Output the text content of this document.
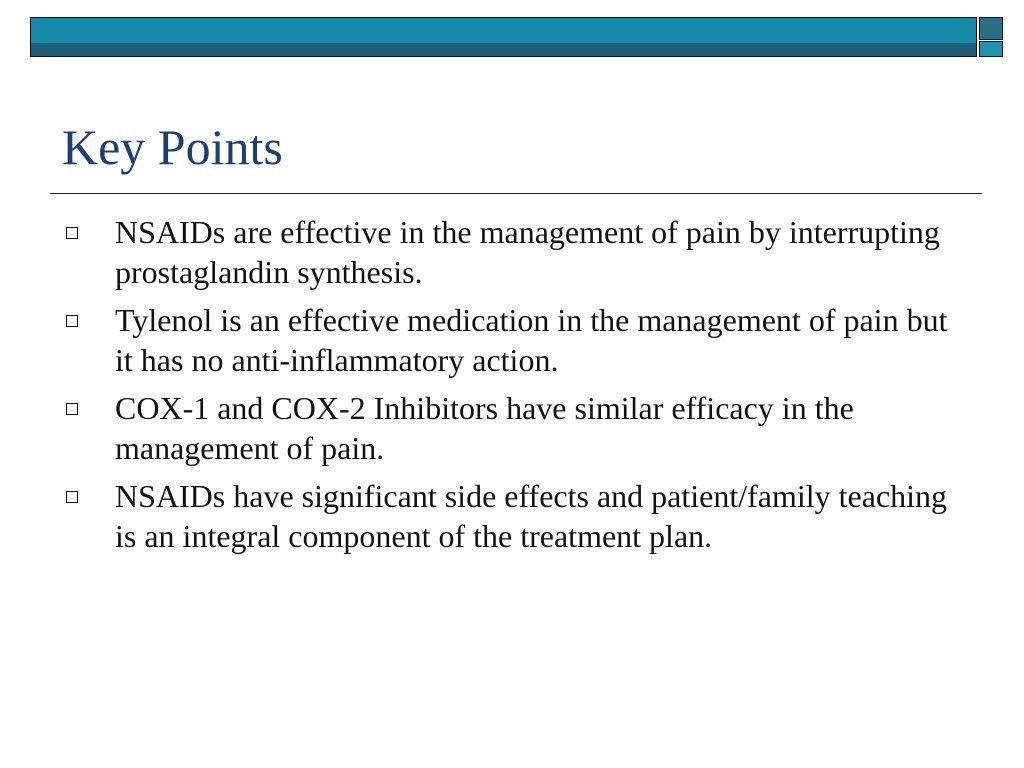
Key Points
NSAIDs are effective in the management of pain by interrupting prostaglandin synthesis.
Tylenol is an effective medication in the management of pain but it has no anti-inflammatory action.
COX-1 and COX-2 Inhibitors have similar efficacy in the management of pain.
NSAIDs have significant side effects and patient/family teaching is an integral component of the treatment plan.
